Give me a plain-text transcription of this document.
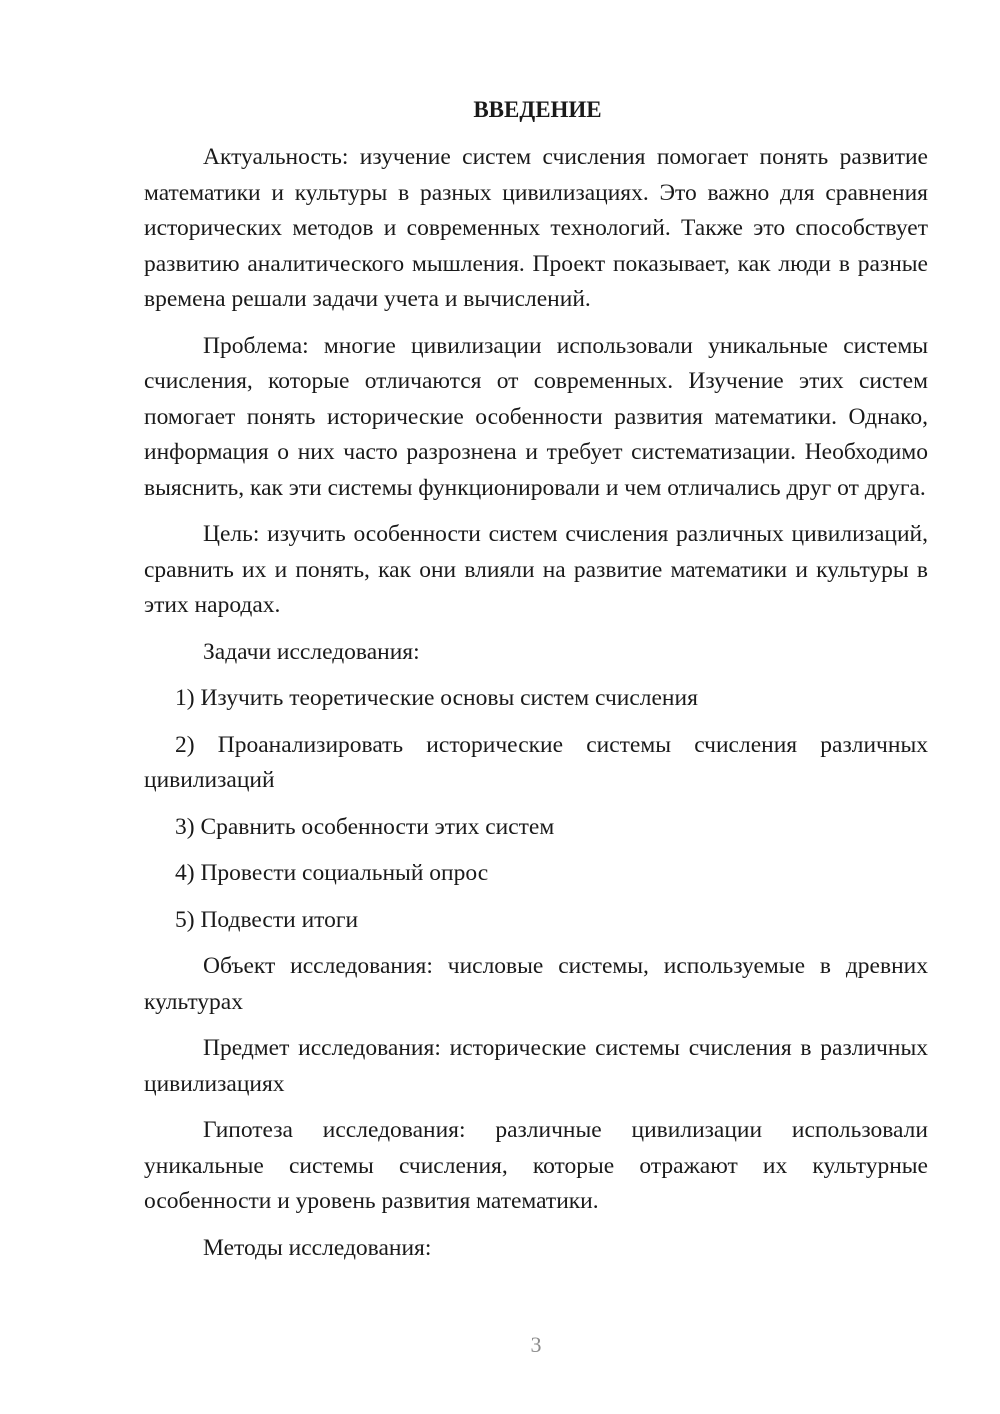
ВВЕДЕНИЕ

Актуальность: изучение систем счисления помогает понять развитие математики и культуры в разных цивилизациях. Это важно для сравнения исторических методов и современных технологий. Также это способствует развитию аналитического мышления. Проект показывает, как люди в разные времена решали задачи учета и вычислений.

Проблема: многие цивилизации использовали уникальные системы счисления, которые отличаются от современных. Изучение этих систем помогает понять исторические особенности развития математики. Однако, информация о них часто разрознена и требует систематизации. Необходимо выяснить, как эти системы функционировали и чем отличались друг от друга.

Цель: изучить особенности систем счисления различных цивилизаций, сравнить их и понять, как они влияли на развитие математики и культуры в этих народах.

Задачи исследования:

1) Изучить теоретические основы систем счисления

2) Проанализировать исторические системы счисления различных цивилизаций

3) Сравнить особенности этих систем

4) Провести социальный опрос

5) Подвести итоги

Объект исследования: числовые системы, используемые в древних культурах

Предмет исследования: исторические системы счисления в различных цивилизациях

Гипотеза исследования: различные цивилизации использовали уникальные системы счисления, которые отражают их культурные особенности и уровень развития математики.

Методы исследования:

3
